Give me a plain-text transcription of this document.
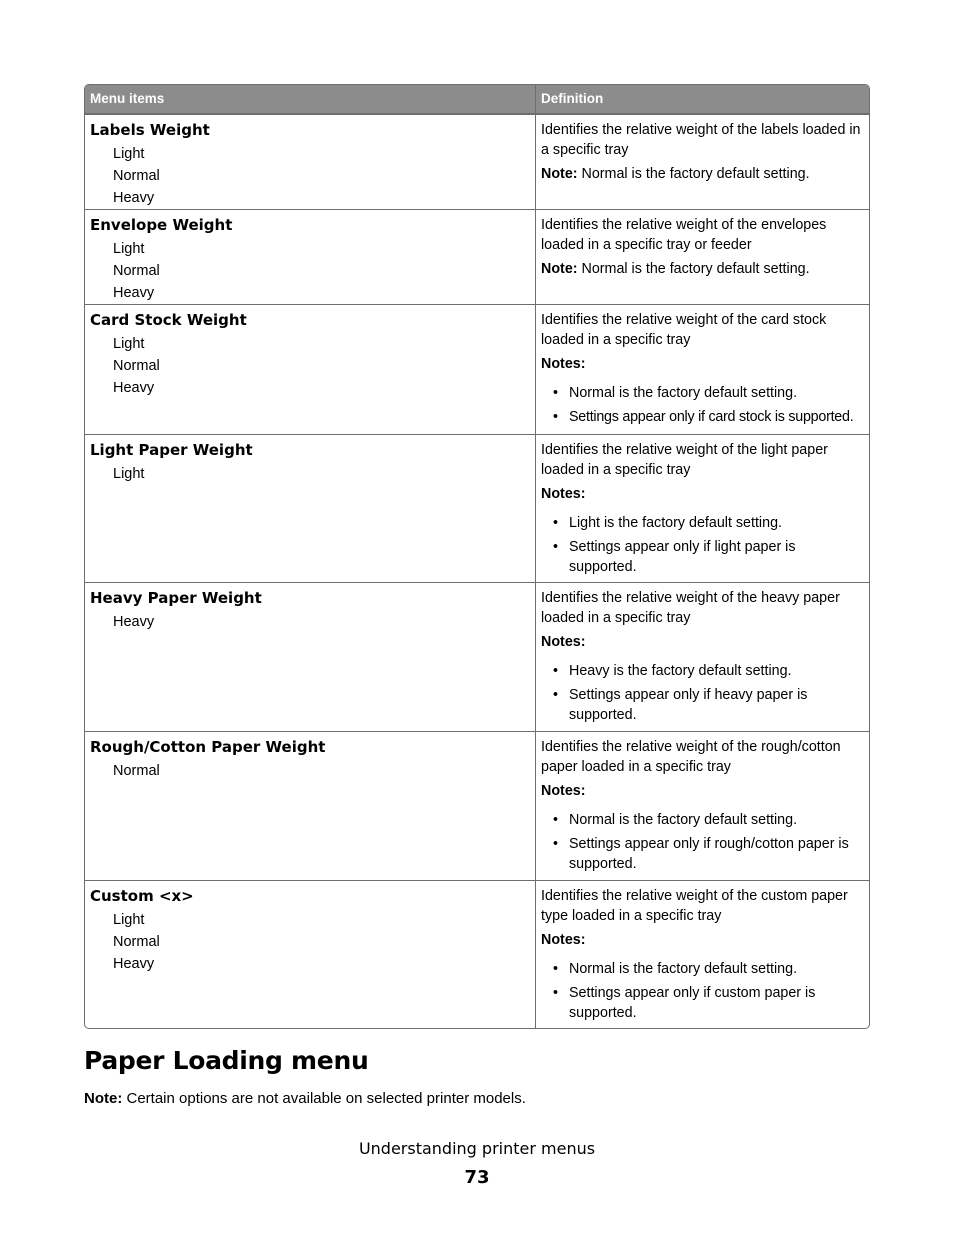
Menu items	Definition
Labels Weight
Light
Normal
Heavy
Identifies the relative weight of the labels loaded in a specific tray
Note: Normal is the factory default setting.
Envelope Weight
Light
Normal
Heavy
Identifies the relative weight of the envelopes loaded in a specific tray or feeder
Note: Normal is the factory default setting.
Card Stock Weight
Light
Normal
Heavy
Identifies the relative weight of the card stock loaded in a specific tray
Notes:
• Normal is the factory default setting.
• Settings appear only if card stock is supported.
Light Paper Weight
Light
Identifies the relative weight of the light paper loaded in a specific tray
Notes:
• Light is the factory default setting.
• Settings appear only if light paper is supported.
Heavy Paper Weight
Heavy
Identifies the relative weight of the heavy paper loaded in a specific tray
Notes:
• Heavy is the factory default setting.
• Settings appear only if heavy paper is supported.
Rough/Cotton Paper Weight
Normal
Identifies the relative weight of the rough/cotton paper loaded in a specific tray
Notes:
• Normal is the factory default setting.
• Settings appear only if rough/cotton paper is supported.
Custom <x>
Light
Normal
Heavy
Identifies the relative weight of the custom paper type loaded in a specific tray
Notes:
• Normal is the factory default setting.
• Settings appear only if custom paper is supported.
Paper Loading menu
Note: Certain options are not available on selected printer models.
Understanding printer menus
73
